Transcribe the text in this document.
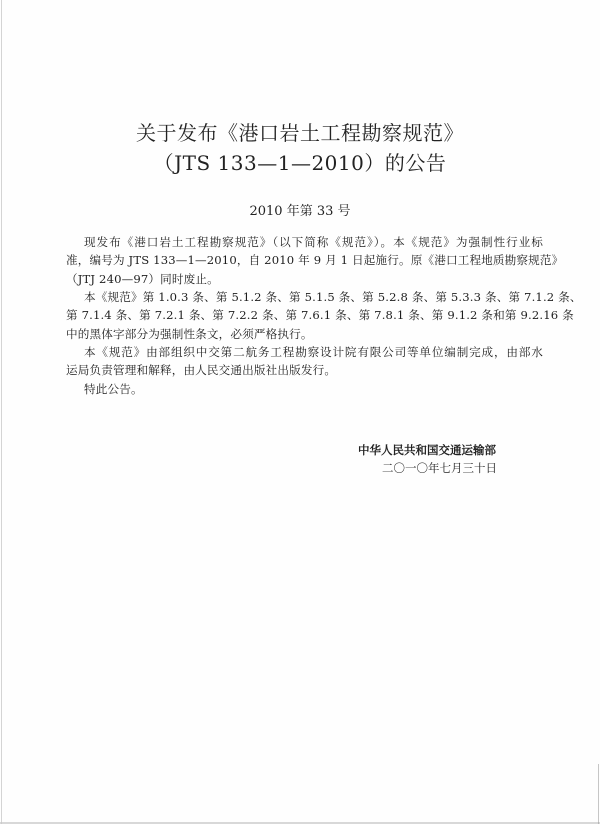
关于发布《港口岩土工程勘察规范》
（JTS 133—1—2010）的公告
2010 年第 33 号
现发布《港口岩土工程勘察规范》（以下简称《规范》）。本《规范》为强制性行业标
准，编号为 JTS 133—1—2010，自 2010 年 9 月 1 日起施行。原《港口工程地质勘察规范》
（JTJ 240—97）同时废止。
本《规范》第 1.0.3 条、第 5.1.2 条、第 5.1.5 条、第 5.2.8 条、第 5.3.3 条、第 7.1.2 条、
第 7.1.4 条、第 7.2.1 条、第 7.2.2 条、第 7.6.1 条、第 7.8.1 条、第 9.1.2 条和第 9.2.16 条
中的黑体字部分为强制性条文，必须严格执行。
本《规范》由部组织中交第二航务工程勘察设计院有限公司等单位编制完成，由部水
运局负责管理和解释，由人民交通出版社出版发行。
特此公告。
中华人民共和国交通运输部
二〇一〇年七月三十日
